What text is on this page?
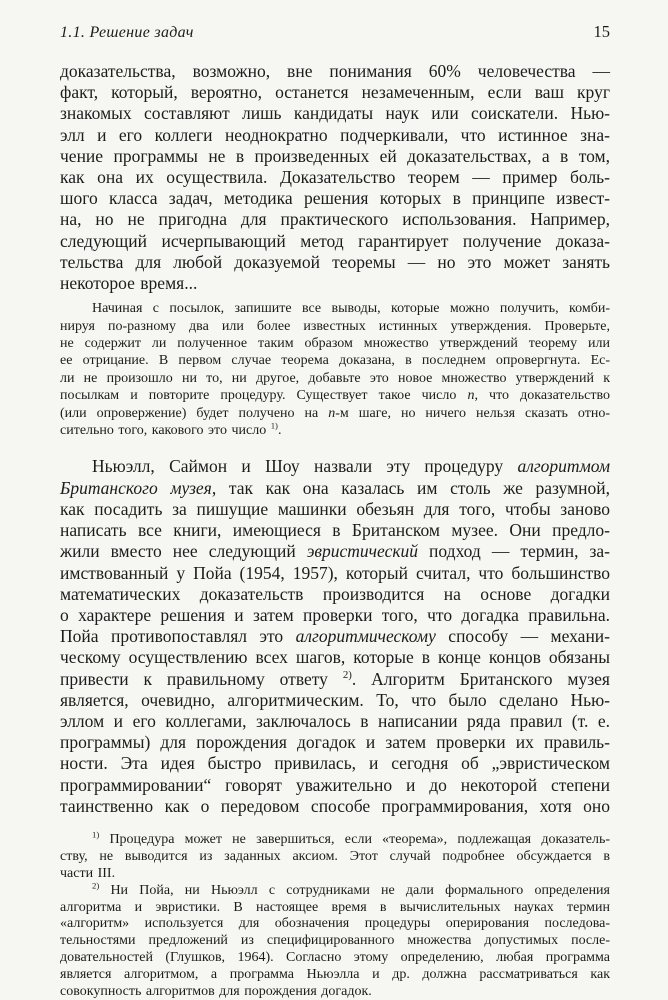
1.1. Решение задач	15
доказательства, возможно, вне понимания 60% человечества —
факт, который, вероятно, останется незамеченным, если ваш круг
знакомых составляют лишь кандидаты наук или соискатели. Нью-
элл и его коллеги неоднократно подчеркивали, что истинное зна-
чение программы не в произведенных ей доказательствах, а в том,
как она их осуществила. Доказательство теорем — пример боль-
шого класса задач, методика решения которых в принципе извест-
на, но не пригодна для практического использования. Например,
следующий исчерпывающий метод гарантирует получение доказа-
тельства для любой доказуемой теоремы — но это может занять
некоторое время...
Начиная с посылок, запишите все выводы, которые можно получить, комби-
нируя по-разному два или более известных истинных утверждения. Проверьте,
не содержит ли полученное таким образом множество утверждений теорему или
ее отрицание. В первом случае теорема доказана, в последнем опровергнута. Ес-
ли не произошло ни то, ни другое, добавьте это новое множество утверждений к
посылкам и повторите процедуру. Существует такое число n, что доказательство
(или опровержение) будет получено на n-м шаге, но ничего нельзя сказать отно-
сительно того, какового это число $^{1)}$.
Ньюэлл, Саймон и Шоу назвали эту процедуру алгоритмом
Британского музея, так как она казалась им столь же разумной,
как посадить за пишущие машинки обезьян для того, чтобы заново
написать все книги, имеющиеся в Британском музее. Они предло-
жили вместо нее следующий эвристический подход — термин, за-
имствованный у Пойа (1954, 1957), который считал, что большинство
математических доказательств производится на основе догадки
о характере решения и затем проверки того, что догадка правильна.
Пойа противопоставлял это алгоритмическому способу — механи-
ческому осуществлению всех шагов, которые в конце концов обязаны
привести к правильному ответу $^{2)}$. Алгоритм Британского музея
является, очевидно, алгоритмическим. То, что было сделано Нью-
эллом и его коллегами, заключалось в написании ряда правил (т. е.
программы) для порождения догадок и затем проверки их правиль-
ности. Эта идея быстро привилась, и сегодня об „эвристическом
программировании“ говорят уважительно и до некоторой степени
таинственно как о передовом способе программирования, хотя оно
$^{1)}$ Процедура может не завершиться, если «теорема», подлежащая доказатель-
ству, не выводится из заданных аксиом. Этот случай подробнее обсуждается в
части III.
$^{2)}$ Ни Пойа, ни Ньюэлл с сотрудниками не дали формального определения
алгоритма и эвристики. В настоящее время в вычислительных науках термин
«алгоритм» используется для обозначения процедуры оперирования последова-
тельностями предложений из специфицированного множества допустимых после-
довательностей (Глушков, 1964). Согласно этому определению, любая программа
является алгоритмом, а программа Ньюэлла и др. должна рассматриваться как
совокупность алгоритмов для порождения догадок.
